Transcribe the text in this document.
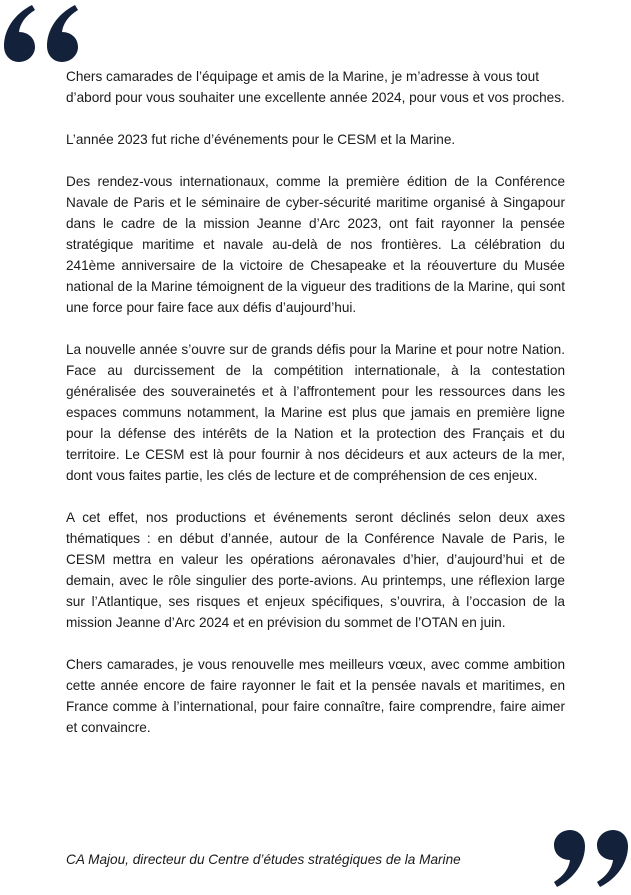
Chers camarades de l’équipage et amis de la Marine, je m’adresse à vous tout d’abord pour vous souhaiter une excellente année 2024, pour vous et vos proches.

L’année 2023 fut riche d’événements pour le CESM et la Marine.

Des rendez-vous internationaux, comme la première édition de la Conférence Navale de Paris et le séminaire de cyber-sécurité maritime organisé à Singapour dans le cadre de la mission Jeanne d’Arc 2023, ont fait rayonner la pensée stratégique maritime et navale au-delà de nos frontières. La célébration du 241ème anniversaire de la victoire de Chesapeake et la réouverture du Musée national de la Marine témoignent de la vigueur des traditions de la Marine, qui sont une force pour faire face aux défis d’aujourd’hui.

La nouvelle année s’ouvre sur de grands défis pour la Marine et pour notre Nation. Face au durcissement de la compétition internationale, à la contestation généralisée des souverainetés et à l’affrontement pour les ressources dans les espaces communs notamment, la Marine est plus que jamais en première ligne pour la défense des intérêts de la Nation et la protection des Français et du territoire. Le CESM est là pour fournir à nos décideurs et aux acteurs de la mer, dont vous faites partie, les clés de lecture et de compréhension de ces enjeux.

A cet effet, nos productions et événements seront déclinés selon deux axes thématiques : en début d’année, autour de la Conférence Navale de Paris, le CESM mettra en valeur les opérations aéronavales d’hier, d’aujourd’hui et de demain, avec le rôle singulier des porte-avions. Au printemps, une réflexion large sur l’Atlantique, ses risques et enjeux spécifiques, s’ouvrira, à l’occasion de la mission Jeanne d’Arc 2024 et en prévision du sommet de l’OTAN en juin.

Chers camarades, je vous renouvelle mes meilleurs vœux, avec comme ambition cette année encore de faire rayonner le fait et la pensée navals et maritimes, en France comme à l’international, pour faire connaître, faire comprendre, faire aimer et convaincre.

CA Majou, directeur du Centre d’études stratégiques de la Marine
